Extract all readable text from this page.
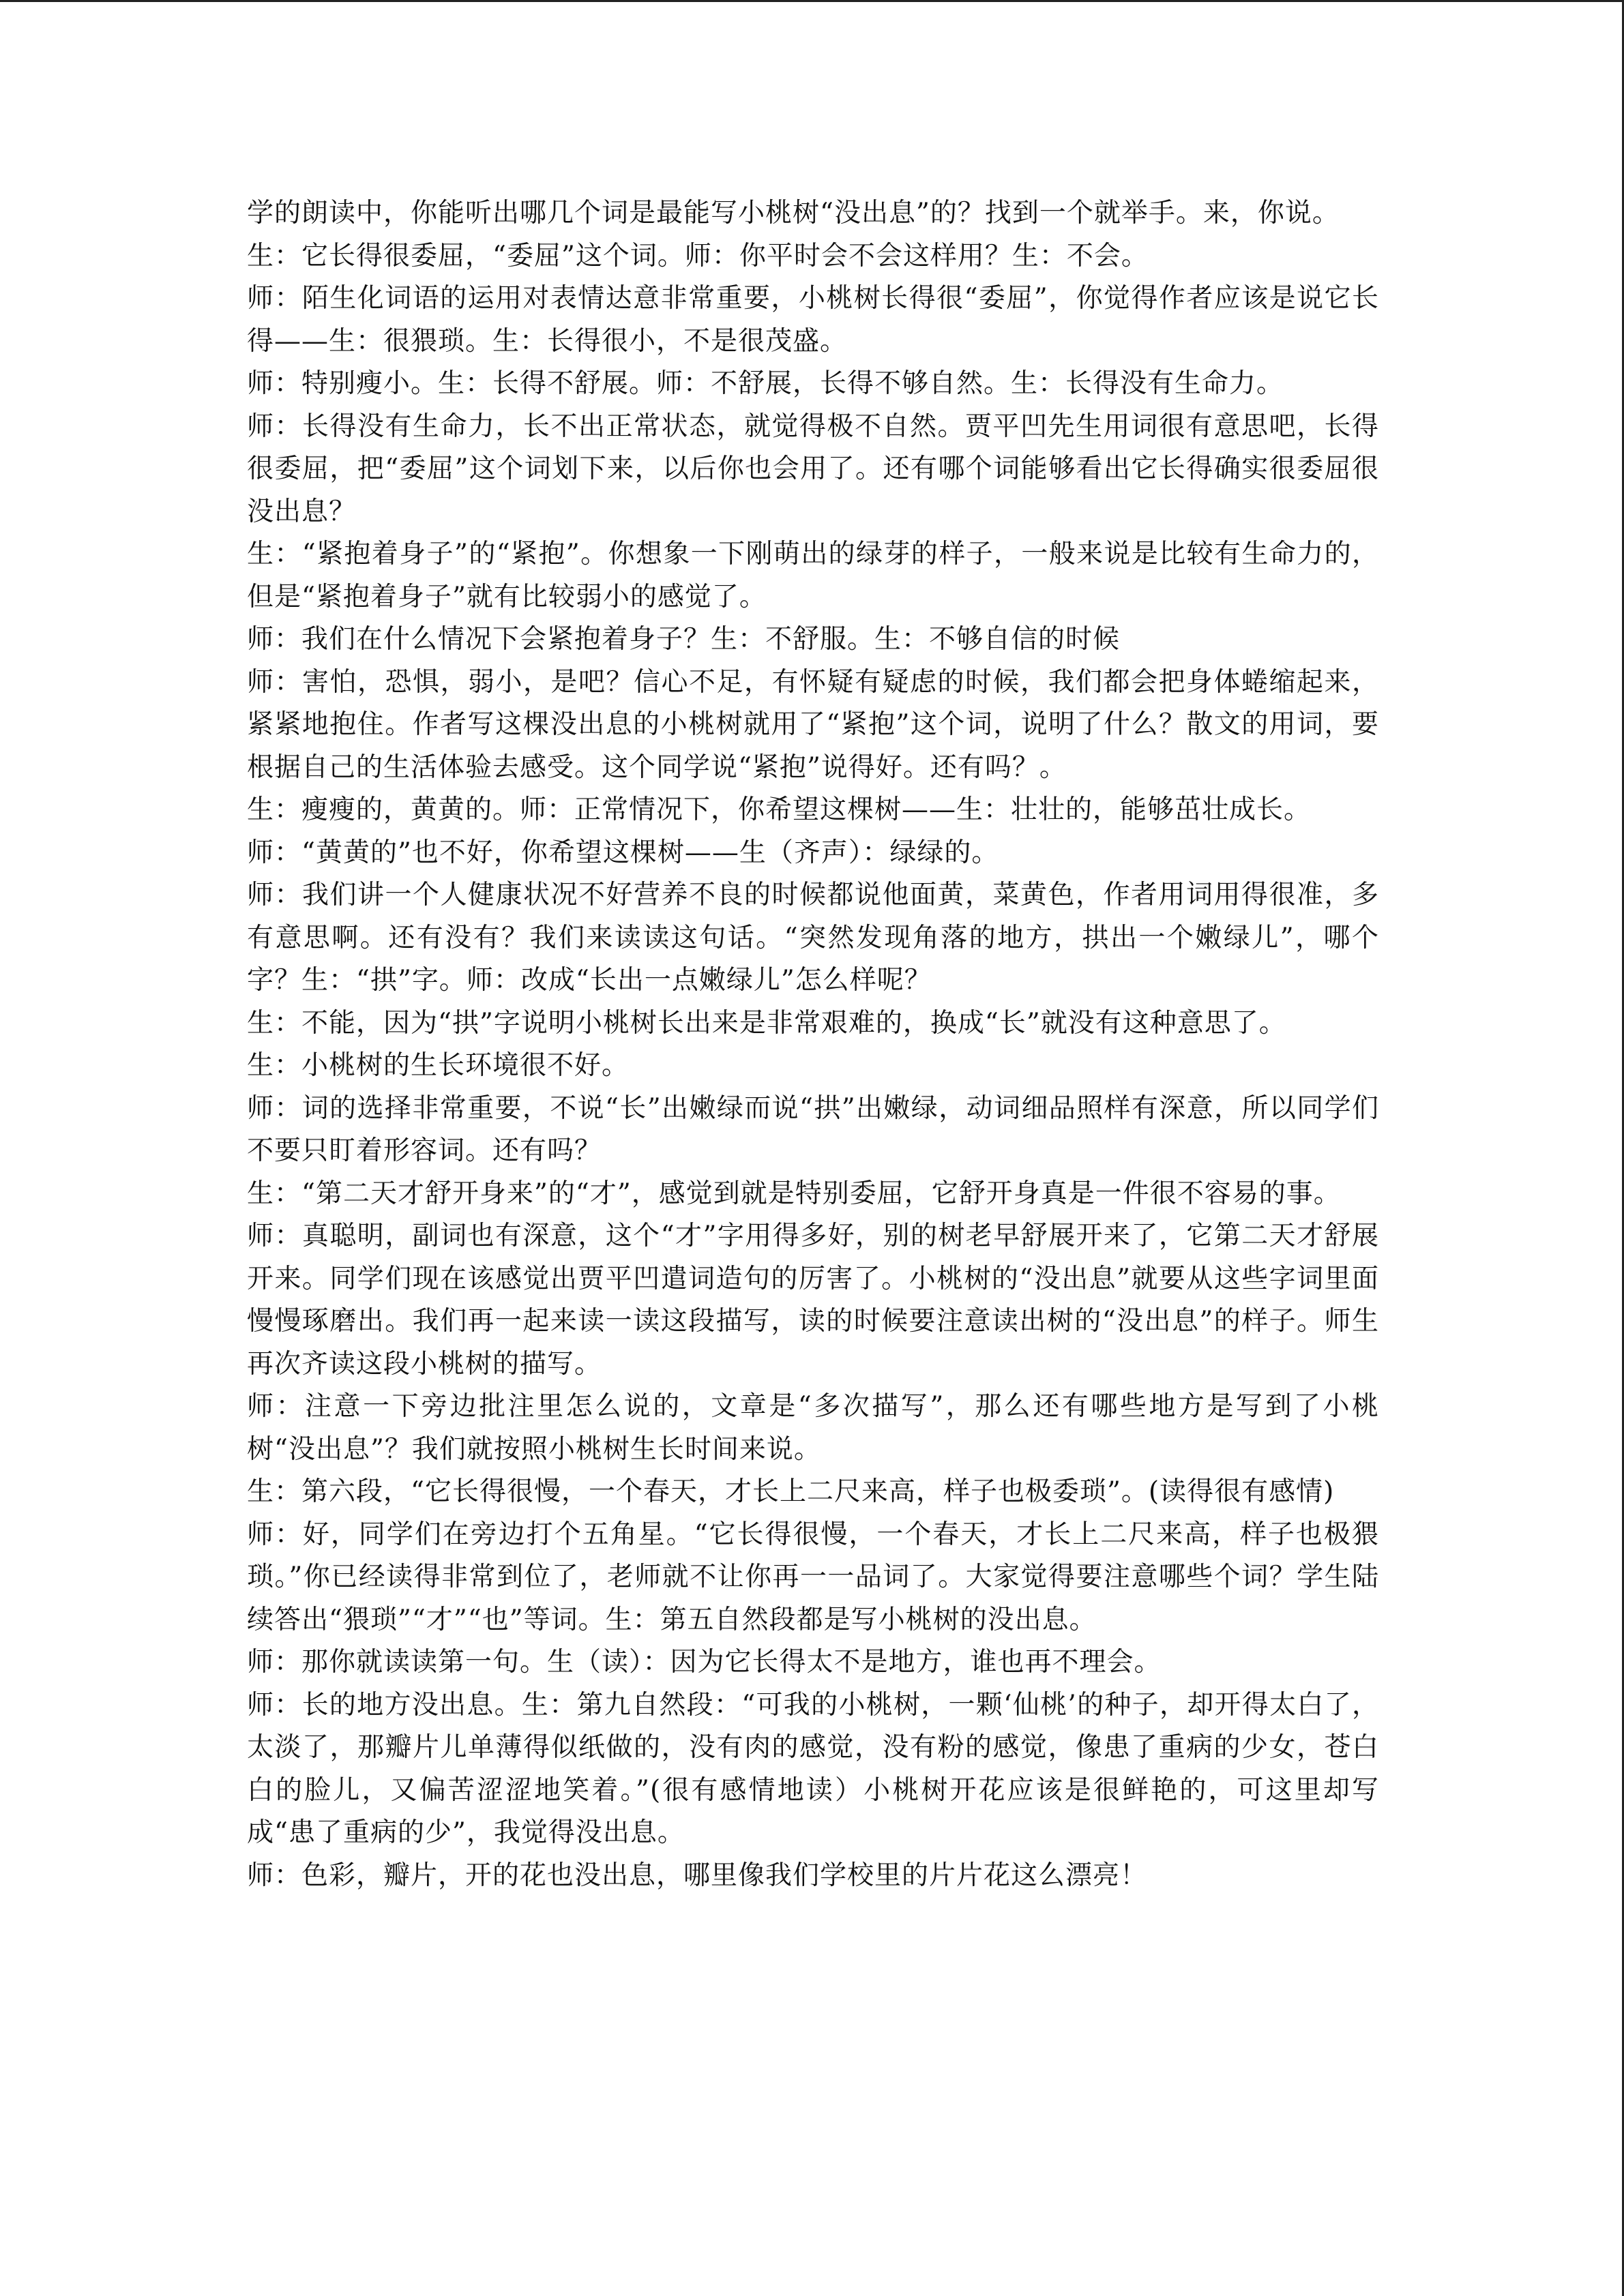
学的朗读中，你能听出哪几个词是最能写小桃树“没出息”的？找到一个就举手。来，你说。

生：它长得很委屈，“委屈”这个词。师：你平时会不会这样用？生：不会。

师：陌生化词语的运用对表情达意非常重要，小桃树长得很“委屈”，你觉得作者应该是说它长得——生：很猥琐。生：长得很小，不是很茂盛。

师：特别瘦小。生：长得不舒展。师：不舒展，长得不够自然。生：长得没有生命力。

师：长得没有生命力，长不出正常状态，就觉得极不自然。贾平凹先生用词很有意思吧，长得很委屈，把“委屈”这个词划下来，以后你也会用了。还有哪个词能够看出它长得确实很委屈很没出息？

生：“紧抱着身子”的“紧抱”。你想象一下刚萌出的绿芽的样子，一般来说是比较有生命力的，但是“紧抱着身子”就有比较弱小的感觉了。

师：我们在什么情况下会紧抱着身子？生：不舒服。生：不够自信的时候

师：害怕，恐惧，弱小，是吧？信心不足，有怀疑有疑虑的时候，我们都会把身体蜷缩起来，紧紧地抱住。作者写这棵没出息的小桃树就用了“紧抱”这个词，说明了什么？散文的用词，要根据自己的生活体验去感受。这个同学说“紧抱”说得好。还有吗？。

生：瘦瘦的，黄黄的。师：正常情况下，你希望这棵树——生：壮壮的，能够茁壮成长。

师：“黄黄的”也不好，你希望这棵树——生（齐声）：绿绿的。

师：我们讲一个人健康状况不好营养不良的时候都说他面黄，菜黄色，作者用词用得很准，多有意思啊。还有没有？我们来读读这句话。“突然发现角落的地方，拱出一个嫩绿儿”，哪个字？生：“拱”字。师：改成“长出一点嫩绿儿”怎么样呢？

生：不能，因为“拱”字说明小桃树长出来是非常艰难的，换成“长”就没有这种意思了。

生：小桃树的生长环境很不好。

师：词的选择非常重要，不说“长”出嫩绿而说“拱”出嫩绿，动词细品照样有深意，所以同学们不要只盯着形容词。还有吗？

生：“第二天才舒开身来”的“才”，感觉到就是特别委屈，它舒开身真是一件很不容易的事。

师：真聪明，副词也有深意，这个“才”字用得多好，别的树老早舒展开来了，它第二天才舒展开来。同学们现在该感觉出贾平凹遣词造句的厉害了。小桃树的“没出息”就要从这些字词里面慢慢琢磨出。我们再一起来读一读这段描写，读的时候要注意读出树的“没出息”的样子。师生再次齐读这段小桃树的描写。

师：注意一下旁边批注里怎么说的，文章是“多次描写”，那么还有哪些地方是写到了小桃树“没出息”？我们就按照小桃树生长时间来说。

生：第六段，“它长得很慢，一个春天，才长上二尺来高，样子也极委琐”。(读得很有感情)

师：好，同学们在旁边打个五角星。“它长得很慢，一个春天，才长上二尺来高，样子也极猥琐。”你已经读得非常到位了，老师就不让你再一一品词了。大家觉得要注意哪些个词？学生陆续答出“猥琐”“才”“也”等词。生：第五自然段都是写小桃树的没出息。

师：那你就读读第一句。生（读）：因为它长得太不是地方，谁也再不理会。

师：长的地方没出息。生：第九自然段：“可我的小桃树，一颗‘仙桃’的种子，却开得太白了，太淡了，那瓣片儿单薄得似纸做的，没有肉的感觉，没有粉的感觉，像患了重病的少女，苍白白的脸儿，又偏苦涩涩地笑着。”(很有感情地读）小桃树开花应该是很鲜艳的，可这里却写成“患了重病的少”，我觉得没出息。

师：色彩，瓣片，开的花也没出息，哪里像我们学校里的片片花这么漂亮！
